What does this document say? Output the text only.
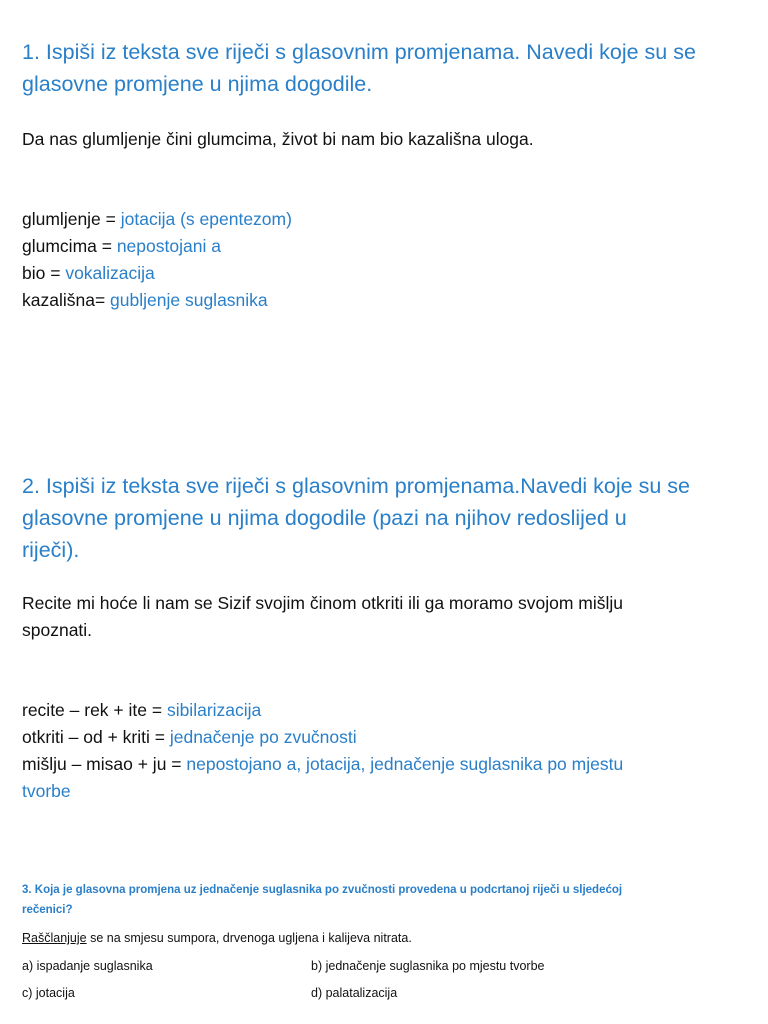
1. Ispiši iz teksta sve riječi s glasovnim promjenama. Navedi koje su se
glasovne promjene u njima dogodile.

Da nas glumljenje čini glumcima, život bi nam bio kazališna uloga.

glumljenje = jotacija (s epentezom)
glumcima = nepostojani a
bio = vokalizacija
kazališna= gubljenje suglasnika
2. Ispiši iz teksta sve riječi s glasovnim promjenama.Navedi koje su se
glasovne promjene u njima dogodile (pazi na njihov redoslijed u
riječi).

Recite mi hoće li nam se Sizif svojim činom otkriti ili ga moramo svojom mišlju
spoznati.

recite – rek + ite = sibilarizacija
otkriti – od + kriti = jednačenje po zvučnosti
mišlju – misao + ju = nepostojano a, jotacija, jednačenje suglasnika po mjestu
tvorbe

3. Koja je glasovna promjena uz jednačenje suglasnika po zvučnosti provedena u podcrtanoj riječi u sljedećoj
rečenici?

Raščlanjuje se na smjesu sumpora, drvenoga ugljena i kalijeva nitrata.

a) ispadanje suglasnika	b) jednačenje suglasnika po mjestu tvorbe

c) jotacija	d) palatalizacija
